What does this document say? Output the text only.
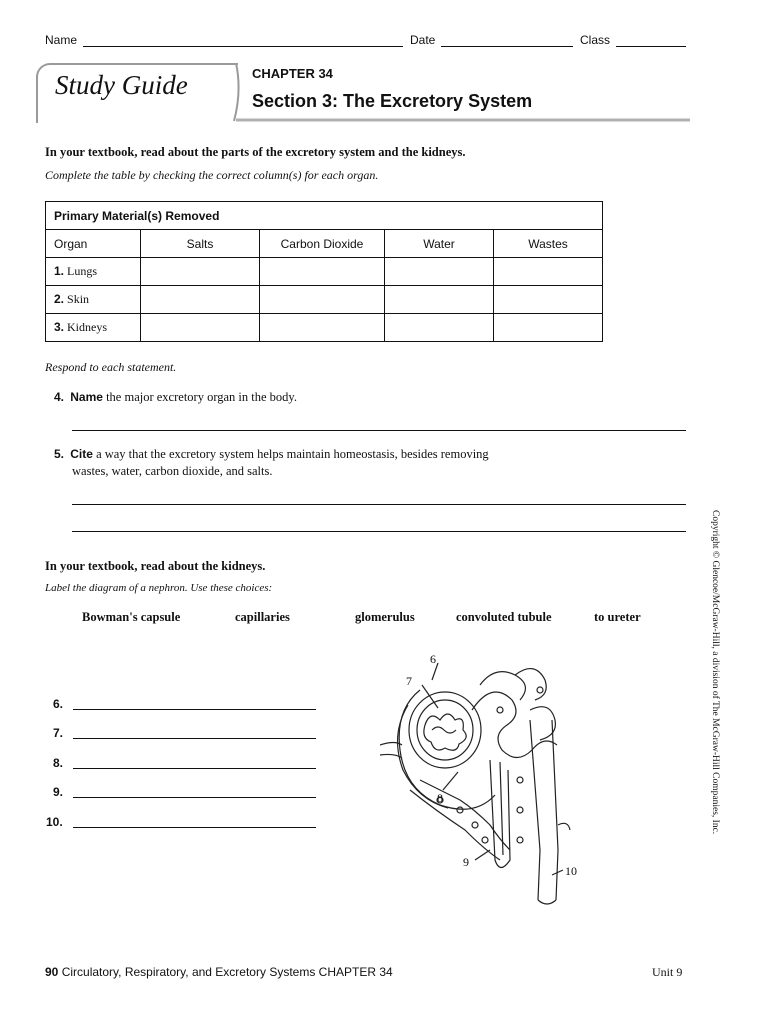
Name	Date	Class
Study Guide	CHAPTER 34
Section 3: The Excretory System
In your textbook, read about the parts of the excretory system and the kidneys.
Complete the table by checking the correct column(s) for each organ.
Primary Material(s) Removed				
Organ	Salts	Carbon Dioxide	Water	Wastes
1. Lungs				
2. Skin				
3. Kidneys				
Respond to each statement.
4. Name the major excretory organ in the body.
5. Cite a way that the excretory system helps maintain homeostasis, besides removing
wastes, water, carbon dioxide, and salts.
In your textbook, read about the kidneys.
Label the diagram of a nephron. Use these choices:
Bowman's capsule	capillaries	glomerulus	convoluted tubule	to ureter
6.
7.
8.
9.
10.
6
7
8
9
10
Copyright © Glencoe/McGraw-Hill, a division of The McGraw-Hill Companies, Inc.
90 Circulatory, Respiratory, and Excretory Systems CHAPTER 34	Unit 9
